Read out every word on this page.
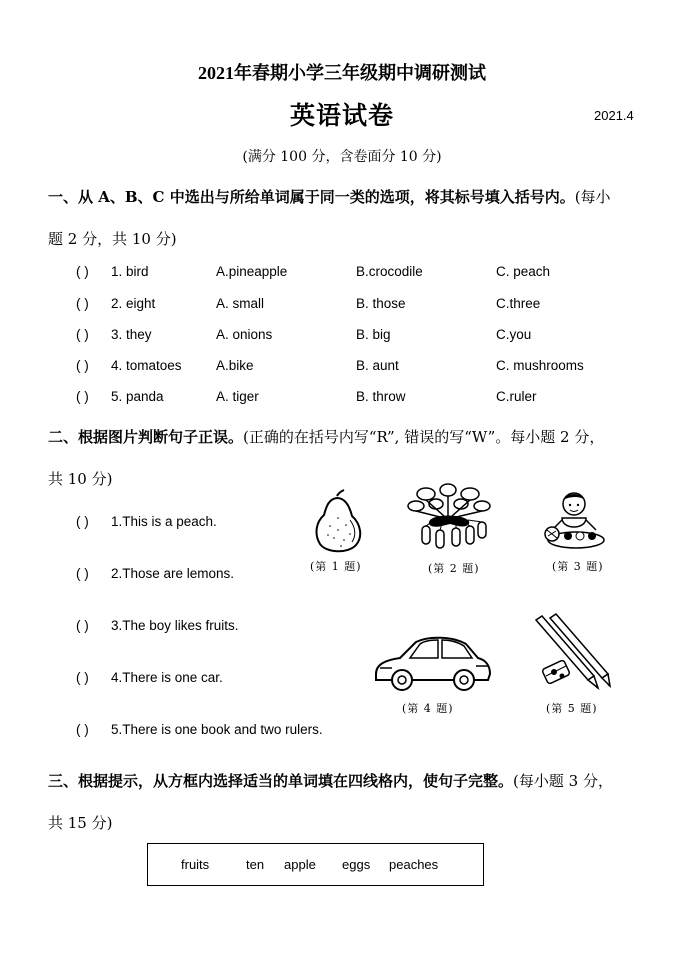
2021年春期小学三年级期中调研测试
英语试卷	2021.4
(满分 100 分，含卷面分 10 分)
一、从 A、B、C 中选出与所给单词属于同一类的选项，将其标号填入括号内。(每小
题 2 分，共 10 分)
( ) 1. bird	A.pineapple	B.crocodile	C. peach
( ) 2. eight	A. small	B. those	C.three
( ) 3. they	A. onions	B. big	C.you
( ) 4. tomatoes	A.bike	B. aunt	C. mushrooms
( ) 5. panda	A. tiger	B. throw	C.ruler
二、根据图片判断句子正误。(正确的在括号内写“R”, 错误的写“W”。每小题 2 分，
共 10 分)
( ) 1.This is a peach.
( ) 2.Those are lemons.
( ) 3.The boy likes fruits.
( ) 4.There is one car.
( ) 5.There is one book and two rulers.
(第 1 题)	(第 2 题)	(第 3 题)
(第 4 题)	(第 5 题)
三、根据提示，从方框内选择适当的单词填在四线格内，使句子完整。(每小题 3 分，
共 15 分)
fruits	ten apple eggs peaches
